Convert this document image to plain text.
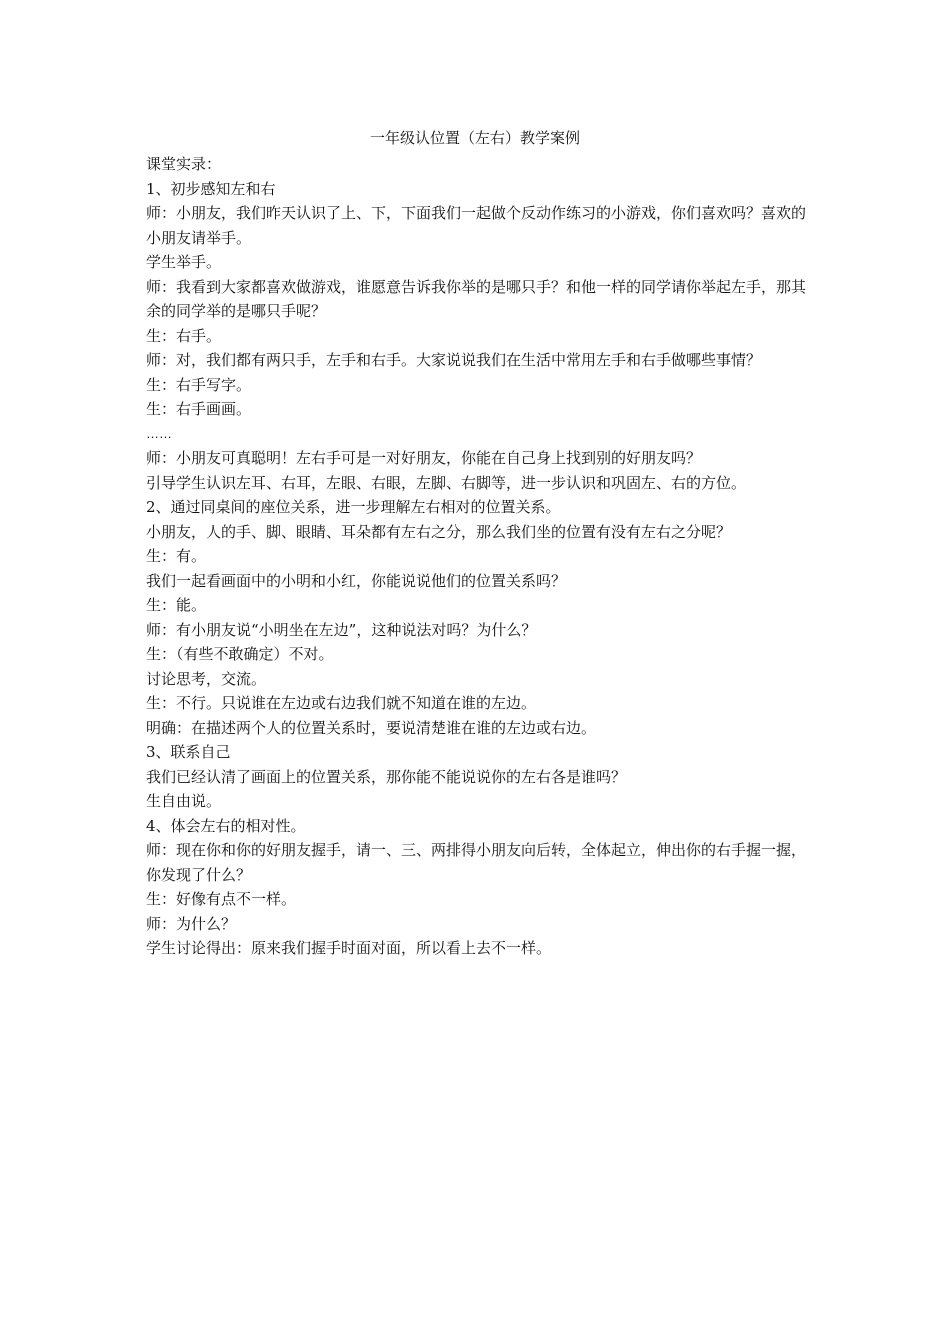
一年级认位置（左右）教学案例

课堂实录：

1、初步感知左和右

师：小朋友，我们昨天认识了上、下，下面我们一起做个反动作练习的小游戏，你们喜欢吗？喜欢的小朋友请举手。

学生举手。

师：我看到大家都喜欢做游戏，谁愿意告诉我你举的是哪只手？和他一样的同学请你举起左手，那其余的同学举的是哪只手呢？

生：右手。

师：对，我们都有两只手，左手和右手。大家说说我们在生活中常用左手和右手做哪些事情？

生：右手写字。

生：右手画画。

……

师：小朋友可真聪明！左右手可是一对好朋友，你能在自己身上找到别的好朋友吗？

引导学生认识左耳、右耳，左眼、右眼，左脚、右脚等，进一步认识和巩固左、右的方位。

2、通过同桌间的座位关系，进一步理解左右相对的位置关系。

小朋友，人的手、脚、眼睛、耳朵都有左右之分，那么我们坐的位置有没有左右之分呢？

生：有。

我们一起看画面中的小明和小红，你能说说他们的位置关系吗？

生：能。

师：有小朋友说“小明坐在左边”，这种说法对吗？为什么？

生：（有些不敢确定）不对。

讨论思考，交流。

生：不行。只说谁在左边或右边我们就不知道在谁的左边。

明确：在描述两个人的位置关系时，要说清楚谁在谁的左边或右边。

3、联系自己

我们已经认清了画面上的位置关系，那你能不能说说你的左右各是谁吗？

生自由说。

4、体会左右的相对性。

师：现在你和你的好朋友握手，请一、三、两排得小朋友向后转，全体起立，伸出你的右手握一握，你发现了什么？

生：好像有点不一样。

师：为什么？

学生讨论得出：原来我们握手时面对面，所以看上去不一样。
